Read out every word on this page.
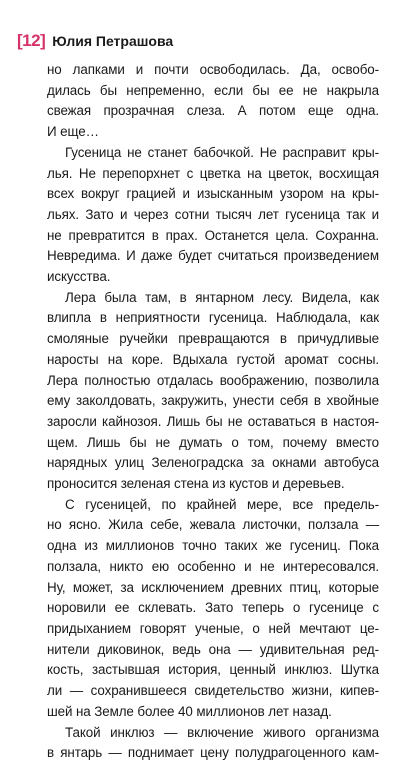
[12] Юлия Петрашова

но лапками и почти освободилась. Да, освобо-
дилась бы непременно, если бы ее не накрыла
свежая прозрачная слеза. А потом еще одна.
И еще…

Гусеница не станет бабочкой. Не расправит кры-
лья. Не перепорхнет с цветка на цветок, восхищая
всех вокруг грацией и изысканным узором на кры-
льях. Зато и через сотни тысяч лет гусеница так и
не превратится в прах. Останется цела. Сохранна.
Невредима. И даже будет считаться произведением
искусства.

Лера была там, в янтарном лесу. Видела, как
влипла в неприятности гусеница. Наблюдала, как
смоляные ручейки превращаются в причудливые
наросты на коре. Вдыхала густой аромат сосны.
Лера полностью отдалась воображению, позволила
ему заколдовать, закружить, унести себя в хвойные
заросли кайнозоя. Лишь бы не оставаться в настоя-
щем. Лишь бы не думать о том, почему вместо
нарядных улиц Зеленоградска за окнами автобуса
проносится зеленая стена из кустов и деревьев.

С гусеницей, по крайней мере, все предель-
но ясно. Жила себе, жевала листочки, ползала —
одна из миллионов точно таких же гусениц. Пока
ползала, никто ею особенно и не интересовался.
Ну, может, за исключением древних птиц, которые
норовили ее склевать. Зато теперь о гусенице с
придыханием говорят ученые, о ней мечтают це-
нители диковинок, ведь она — удивительная ред-
кость, застывшая история, ценный инклюз. Шутка
ли — сохранившееся свидетельство жизни, кипев-
шей на Земле более 40 миллионов лет назад.

Такой инклюз — включение живого организма
в янтарь — поднимает цену полудрагоценного кам-
